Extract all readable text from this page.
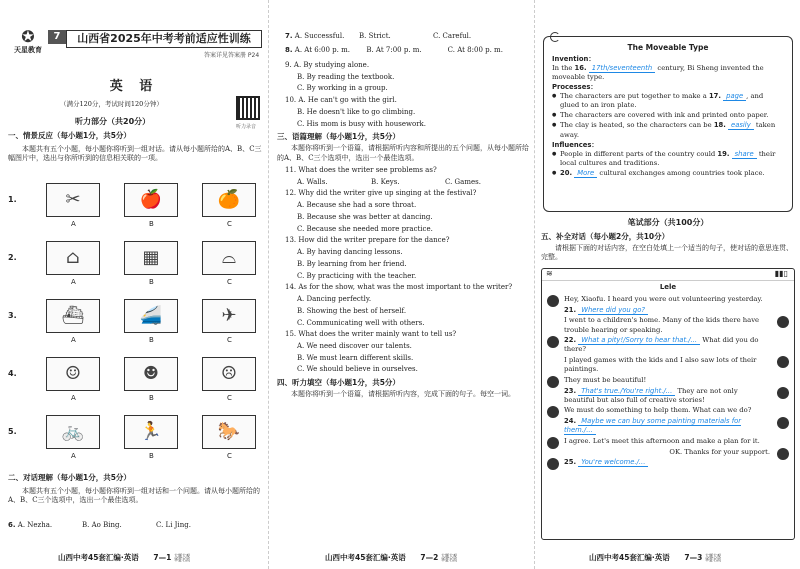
✪
天星教育
7	山西省2025年中考考前适应性训练
答案详见答案册 P24
英 语
（满分120分，考试时间120分钟）
听力部分（共20分）
听力录音
一、情景反应（每小题1分，共5分）
本题共有五个小题，每小题你将听到一组对话。请从每小题所给的A、B、C三幅图片中，选出与你所听到的信息相关联的一项。
1.	✂	🍎	🍊
A	B	C
2.	⌂	▦	⌓
A	B	C
3.	⛴	🚄	✈
A	B	C
4.	☺	☻	☹
A	B	C
5.	🚲	🏃	🐎
A	B	C
二、对话理解（每小题1分，共5分）
本题共有五个小题，每小题你将听到一组对话和一个问题。请从每小题所给的A、B、C三个选项中，选出一个最佳选项。
6. A. Nezha.	B. Ao Bing.	C. Li Jing.
山西中考45套汇编·英语 7—1 大题大观 华夏名流
7. A. Successful.	B. Strict.	C. Careful.
8. A. At 6:00 p. m.	B. At 7:00 p. m.	C. At 8:00 p. m.
9. A. By studying alone.
B. By reading the textbook.
C. By working in a group.
10. A. He can't go with the girl.
B. He doesn't like to go climbing.
C. His mom is busy with housework.
三、语篇理解（每小题1分，共5分）
本题你将听到一个语篇，请根据所听内容和所提出的五个问题，从每小题所给的A、B、C三个选项中，选出一个最佳选项。
11. What does the writer see problems as?
A. Walls.	B. Keys.	C. Games.
12. Why did the writer give up singing at the festival?
A. Because she had a sore throat.
B. Because she was better at dancing.
C. Because she needed more practice.
13. How did the writer prepare for the dance?
A. By having dancing lessons.
B. By learning from her friend.
C. By practicing with the teacher.
14. As for the show, what was the most important to the writer?
A. Dancing perfectly.
B. Showing the best of herself.
C. Communicating well with others.
15. What does the writer mainly want to tell us?
A. We need discover our talents.
B. We must learn different skills.
C. We should believe in ourselves.
四、听力填空（每小题1分，共5分）
本题你将听到一个语篇，请根据所听内容，完成下面的句子。每空一词。
山西中考45套汇编·英语 7—2 大题大观 华夏名流
The Moveable Type
Invention：
In the 16. 17th/seventeenth century, Bi Sheng invented the moveable type.
Processes：
● The characters are put together to make a 17. page , and glued to an iron plate.
● The characters are covered with ink and printed onto paper.
● The clay is heated, so the characters can be 18. easily taken away.
Influences：
● People in different parts of the country could 19. share their local cultures and traditions.
● 20. More cultural exchanges among countries took place.
笔试部分（共100分）
五、补全对话（每小题2分，共10分）
请根据下面的对话内容，在空白处填上一个适当的句子，使对话的意思连贯、完整。
≋	▮▮▯
Lele
Hey, Xiaofu. I heard you were out volunteering yesterday.
21. Where did you go?
I went to a children's home. Many of the kids there have trouble hearing or speaking.
22. What a pity!/Sorry to hear that./... What did you do there?
I played games with the kids and I also saw lots of their paintings.
They must be beautiful!
23. That's true./You're right./... They are not only beautiful but also full of creative stories!
We must do something to help them. What can we do?
24. Maybe we can buy some painting materials for them./...
I agree. Let's meet this afternoon and make a plan for it.
OK. Thanks for your support.
25. You're welcome./...
山西中考45套汇编·英语 7—3 大题大观 华夏名流
